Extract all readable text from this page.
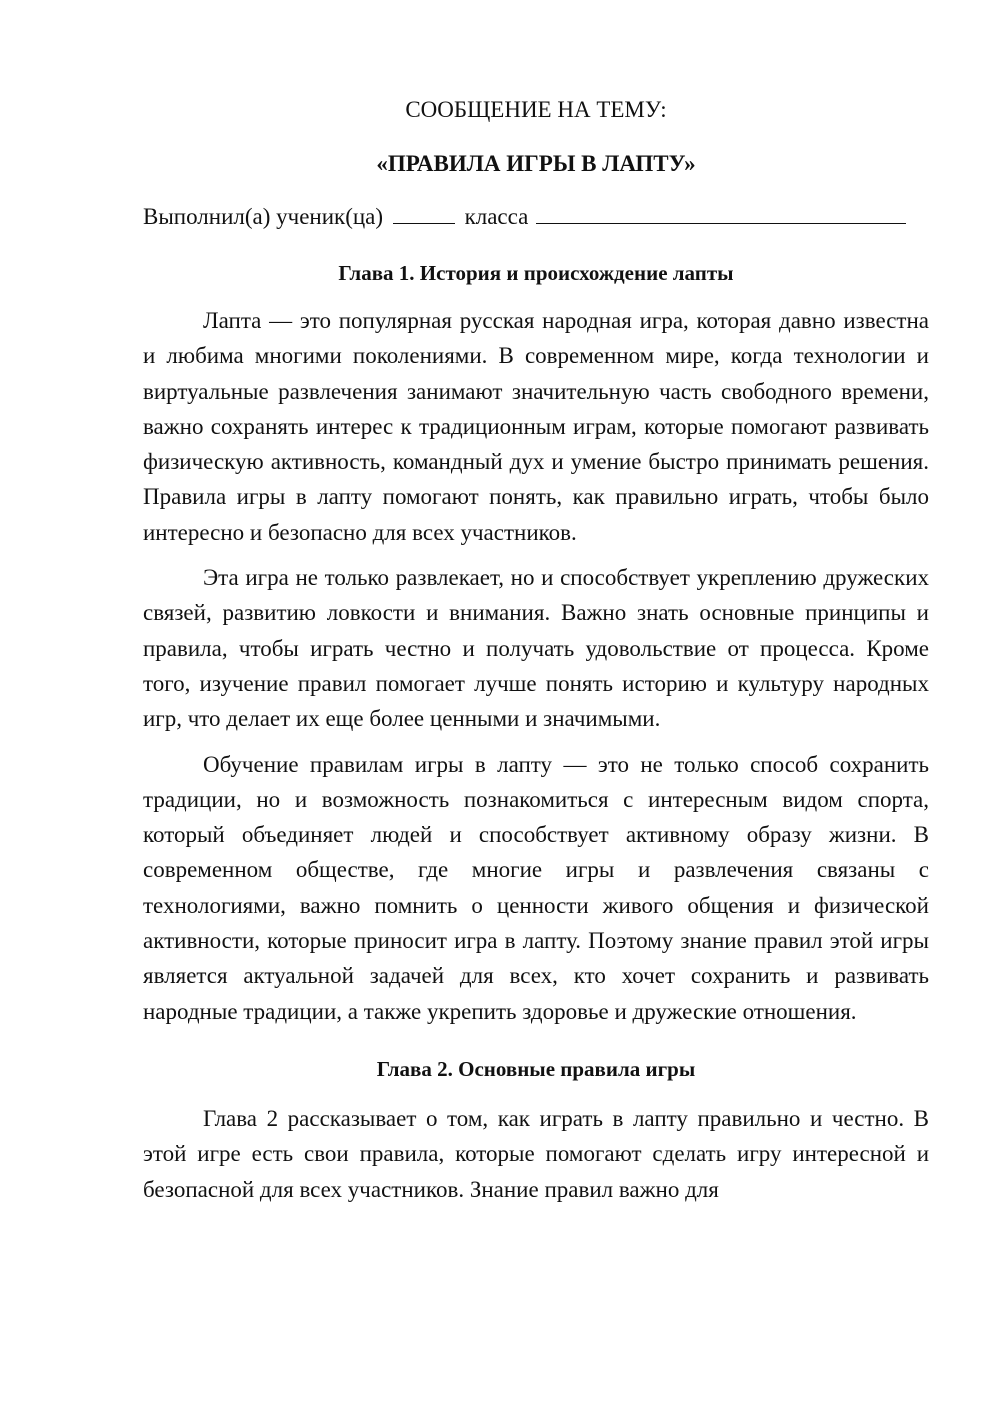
СООБЩЕНИЕ НА ТЕМУ:

«ПРАВИЛА ИГРЫ В ЛАПТУ»

Выполнил(а) ученик(ца)	класса

Глава 1. История и происхождение лапты

Лапта — это популярная русская народная игра, которая давно известна и любима многими поколениями. В современном мире, когда технологии и виртуальные развлечения занимают значительную часть свободного времени, важно сохранять интерес к традиционным играм, которые помогают развивать физическую активность, командный дух и умение быстро принимать решения. Правила игры в лапту помогают понять, как правильно играть, чтобы было интересно и безопасно для всех участников.

Эта игра не только развлекает, но и способствует укреплению дружеских связей, развитию ловкости и внимания. Важно знать основные принципы и правила, чтобы играть честно и получать удовольствие от процесса. Кроме того, изучение правил помогает лучше понять историю и культуру народных игр, что делает их еще более ценными и значимыми.

Обучение правилам игры в лапту — это не только способ сохранить традиции, но и возможность познакомиться с интересным видом спорта, который объединяет людей и способствует активному образу жизни. В современном обществе, где многие игры и развлечения связаны с технологиями, важно помнить о ценности живого общения и физической активности, которые приносит игра в лапту. Поэтому знание правил этой игры является актуальной задачей для всех, кто хочет сохранить и развивать народные традиции, а также укрепить здоровье и дружеские отношения.

Глава 2. Основные правила игры

Глава 2 рассказывает о том, как играть в лапту правильно и честно. В этой игре есть свои правила, которые помогают сделать игру интересной и безопасной для всех участников. Знание правил важно для
